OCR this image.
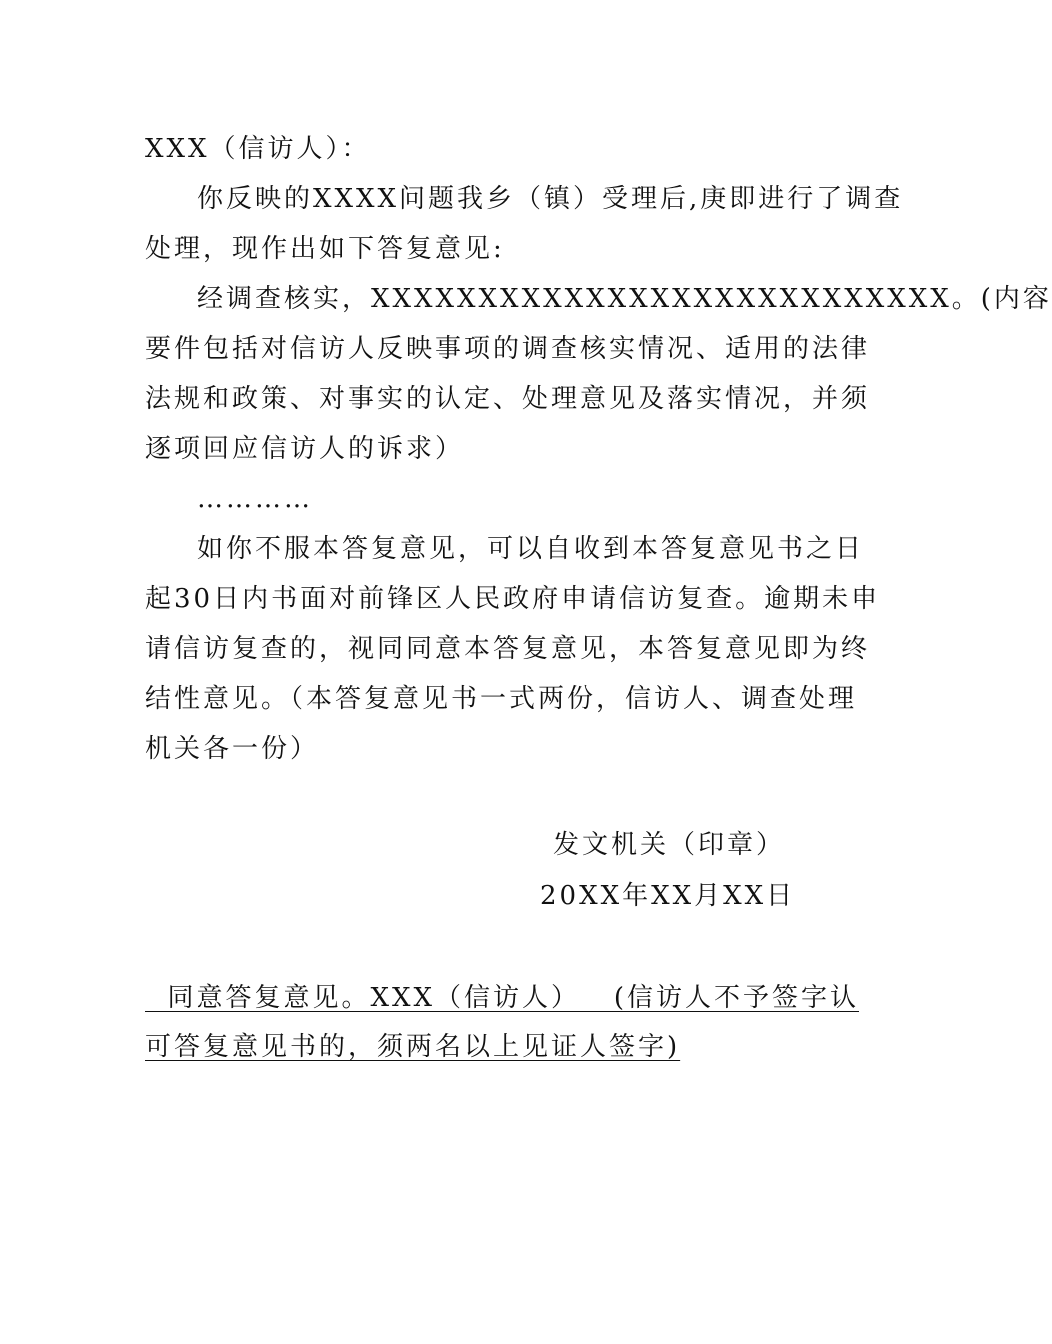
XXX（信访人）：
你反映的XXXX问题我乡（镇）受理后,庚即进行了调查
处理，现作出如下答复意见:
经调查核实，XXXXXXXXXXXXXXXXXXXXXXXXXXX。(内容
要件包括对信访人反映事项的调查核实情况、适用的法律
法规和政策、对事实的认定、处理意见及落实情况，并须
逐项回应信访人的诉求）
…………
如你不服本答复意见，可以自收到本答复意见书之日
起30日内书面对前锋区人民政府申请信访复查。逾期未申
请信访复查的，视同同意本答复意见，本答复意见即为终
结性意见。（本答复意见书一式两份，信访人、调查处理
机关各一份）
发文机关（印章）
20XX年XX月XX日
同意答复意见。XXX（信访人）   (信访人不予签字认
可答复意见书的，须两名以上见证人签字)
